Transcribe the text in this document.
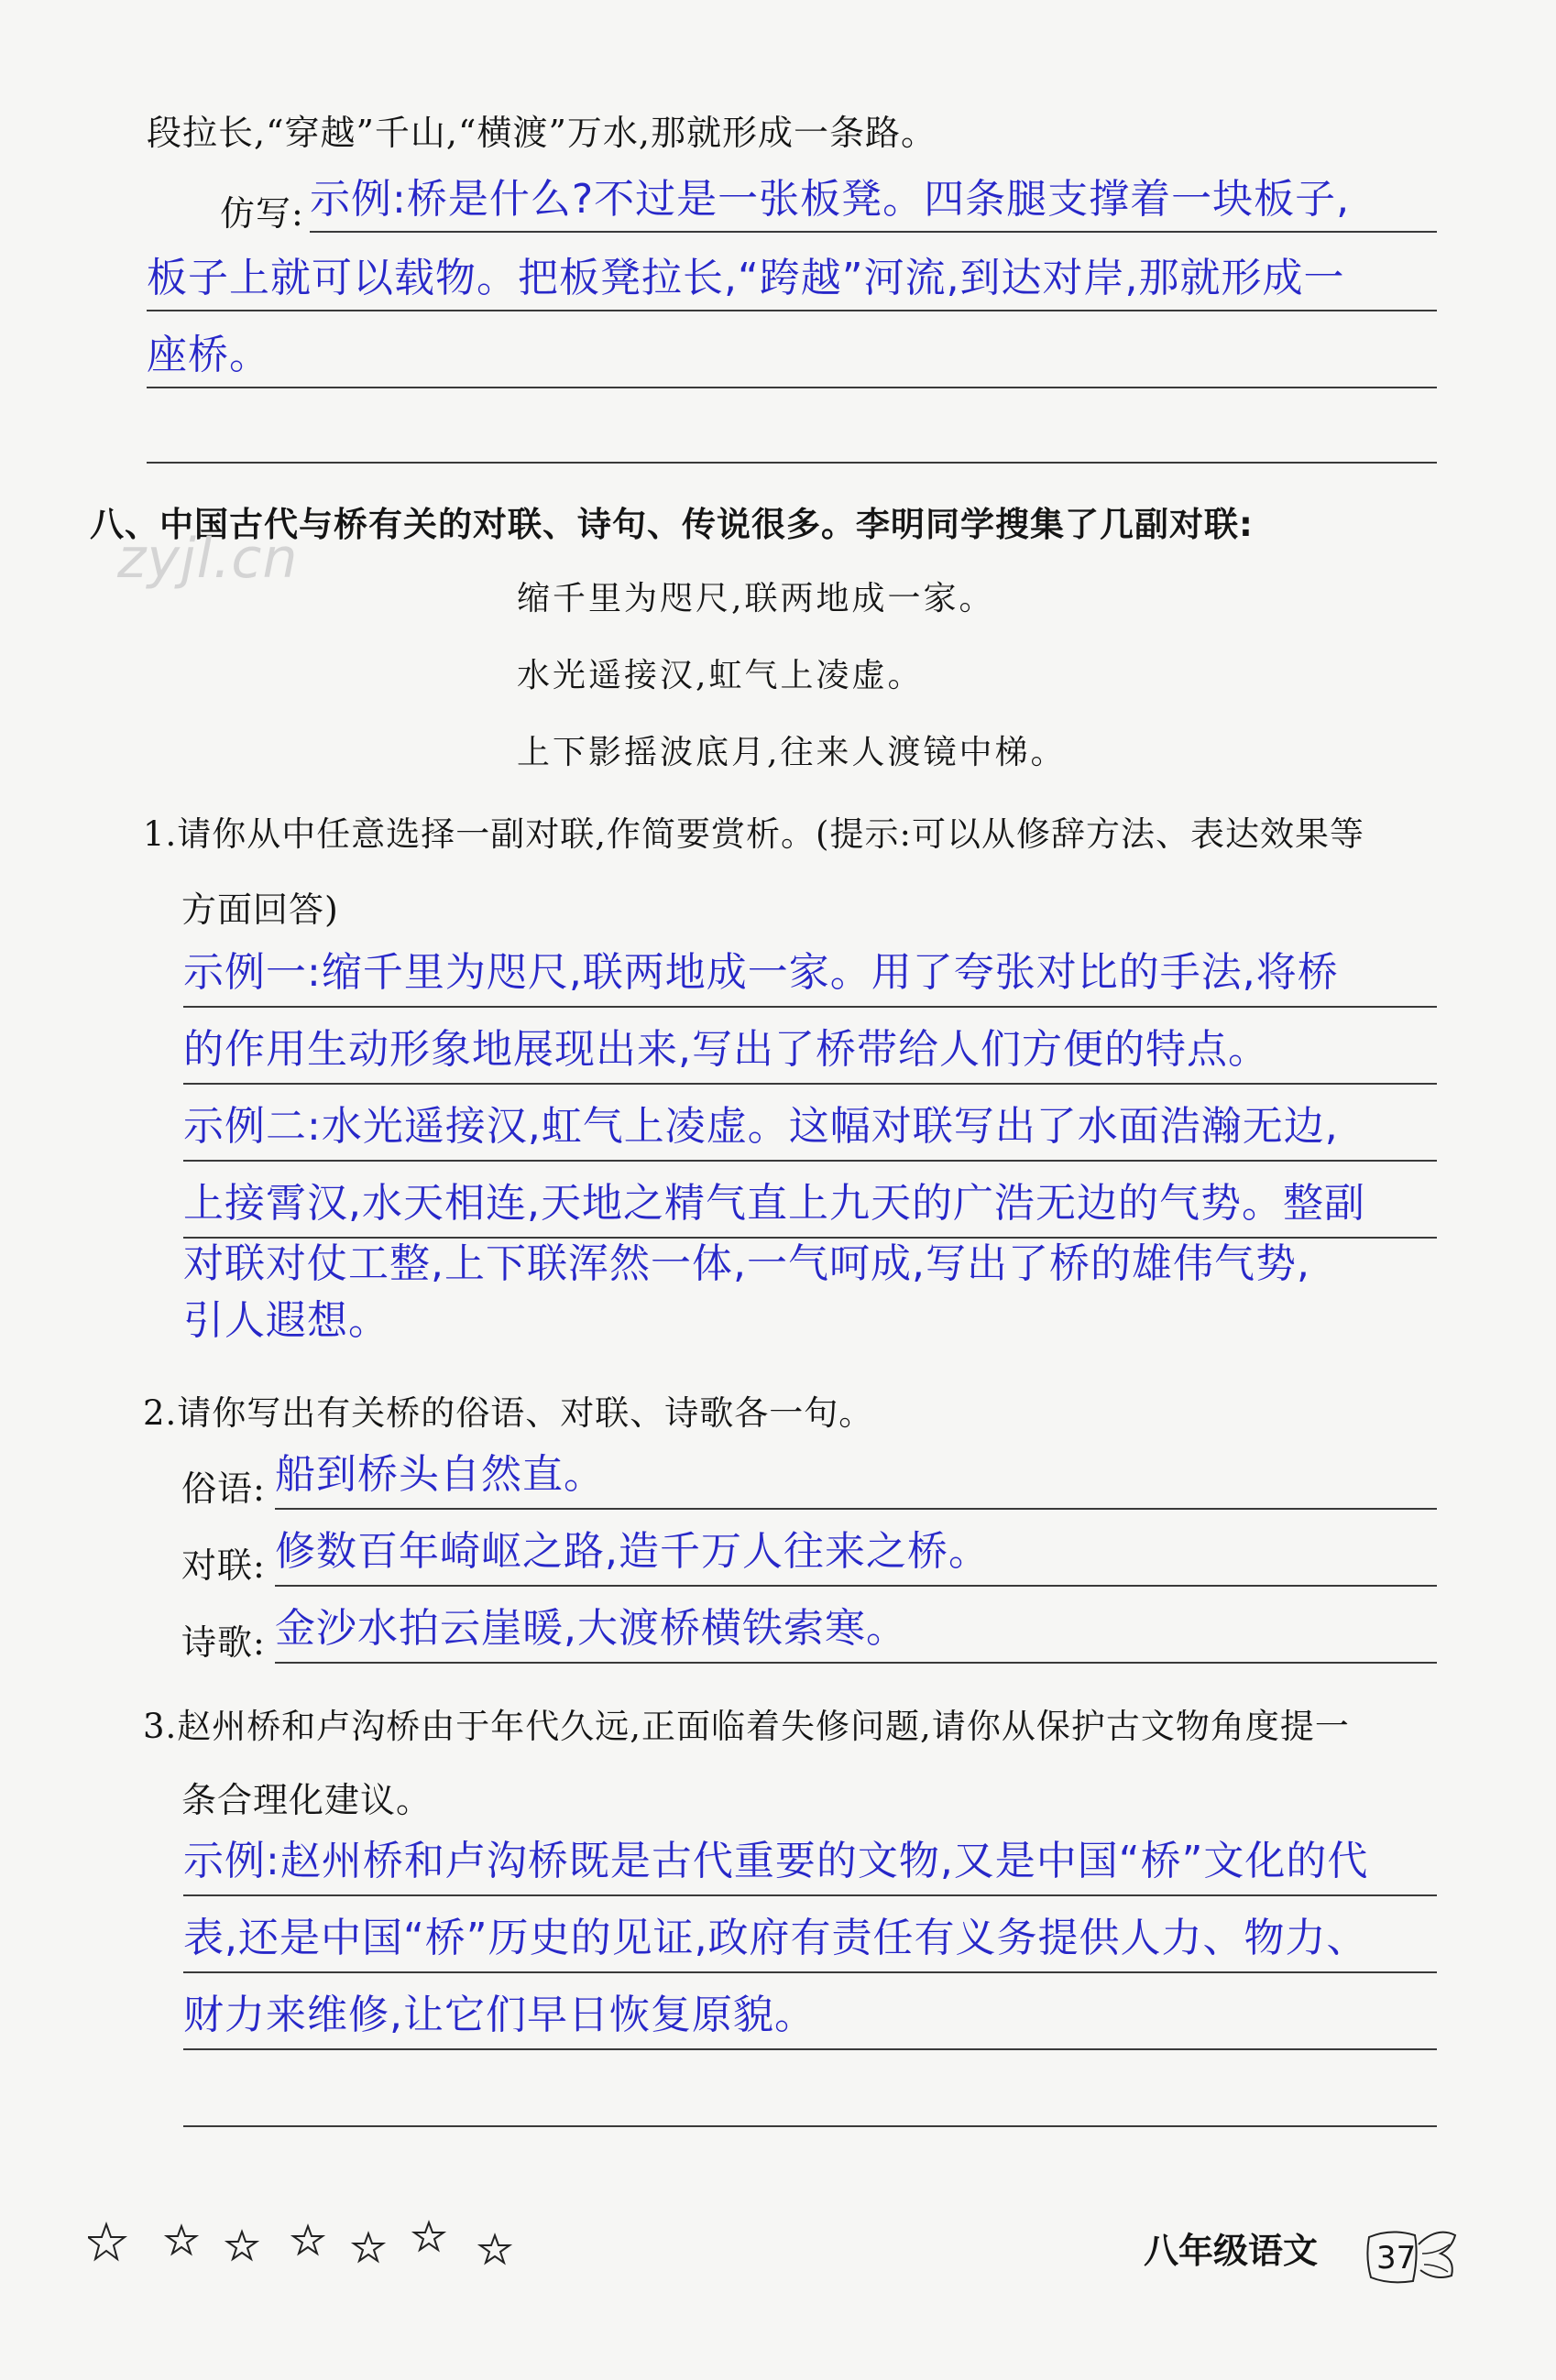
段拉长,“穿越”千山,“横渡”万水,那就形成一条路。
仿写: 示例:桥是什么?不过是一张板凳。四条腿支撑着一块板子,
板子上就可以载物。把板凳拉长,“跨越”河流,到达对岸,那就形成一
座桥。
八、中国古代与桥有关的对联、诗句、传说很多。李明同学搜集了几副对联:
zyjl.cn
缩千里为咫尺,联两地成一家。
水光遥接汉,虹气上凌虚。
上下影摇波底月,往来人渡镜中梯。
1.请你从中任意选择一副对联,作简要赏析。(提示:可以从修辞方法、表达效果等
方面回答)
示例一:缩千里为咫尺,联两地成一家。用了夸张对比的手法,将桥
的作用生动形象地展现出来,写出了桥带给人们方便的特点。
示例二:水光遥接汉,虹气上凌虚。这幅对联写出了水面浩瀚无边,
上接霄汉,水天相连,天地之精气直上九天的广浩无边的气势。整副
对联对仗工整,上下联浑然一体,一气呵成,写出了桥的雄伟气势,
引人遐想。
2.请你写出有关桥的俗语、对联、诗歌各一句。
俗语: 船到桥头自然直。
对联: 修数百年崎岖之路,造千万人往来之桥。
诗歌: 金沙水拍云崖暖,大渡桥横铁索寒。
3.赵州桥和卢沟桥由于年代久远,正面临着失修问题,请你从保护古文物角度提一
条合理化建议。
示例:赵州桥和卢沟桥既是古代重要的文物,又是中国“桥”文化的代
表,还是中国“桥”历史的见证,政府有责任有义务提供人力、物力、
财力来维修,让它们早日恢复原貌。
八年级语文 37
